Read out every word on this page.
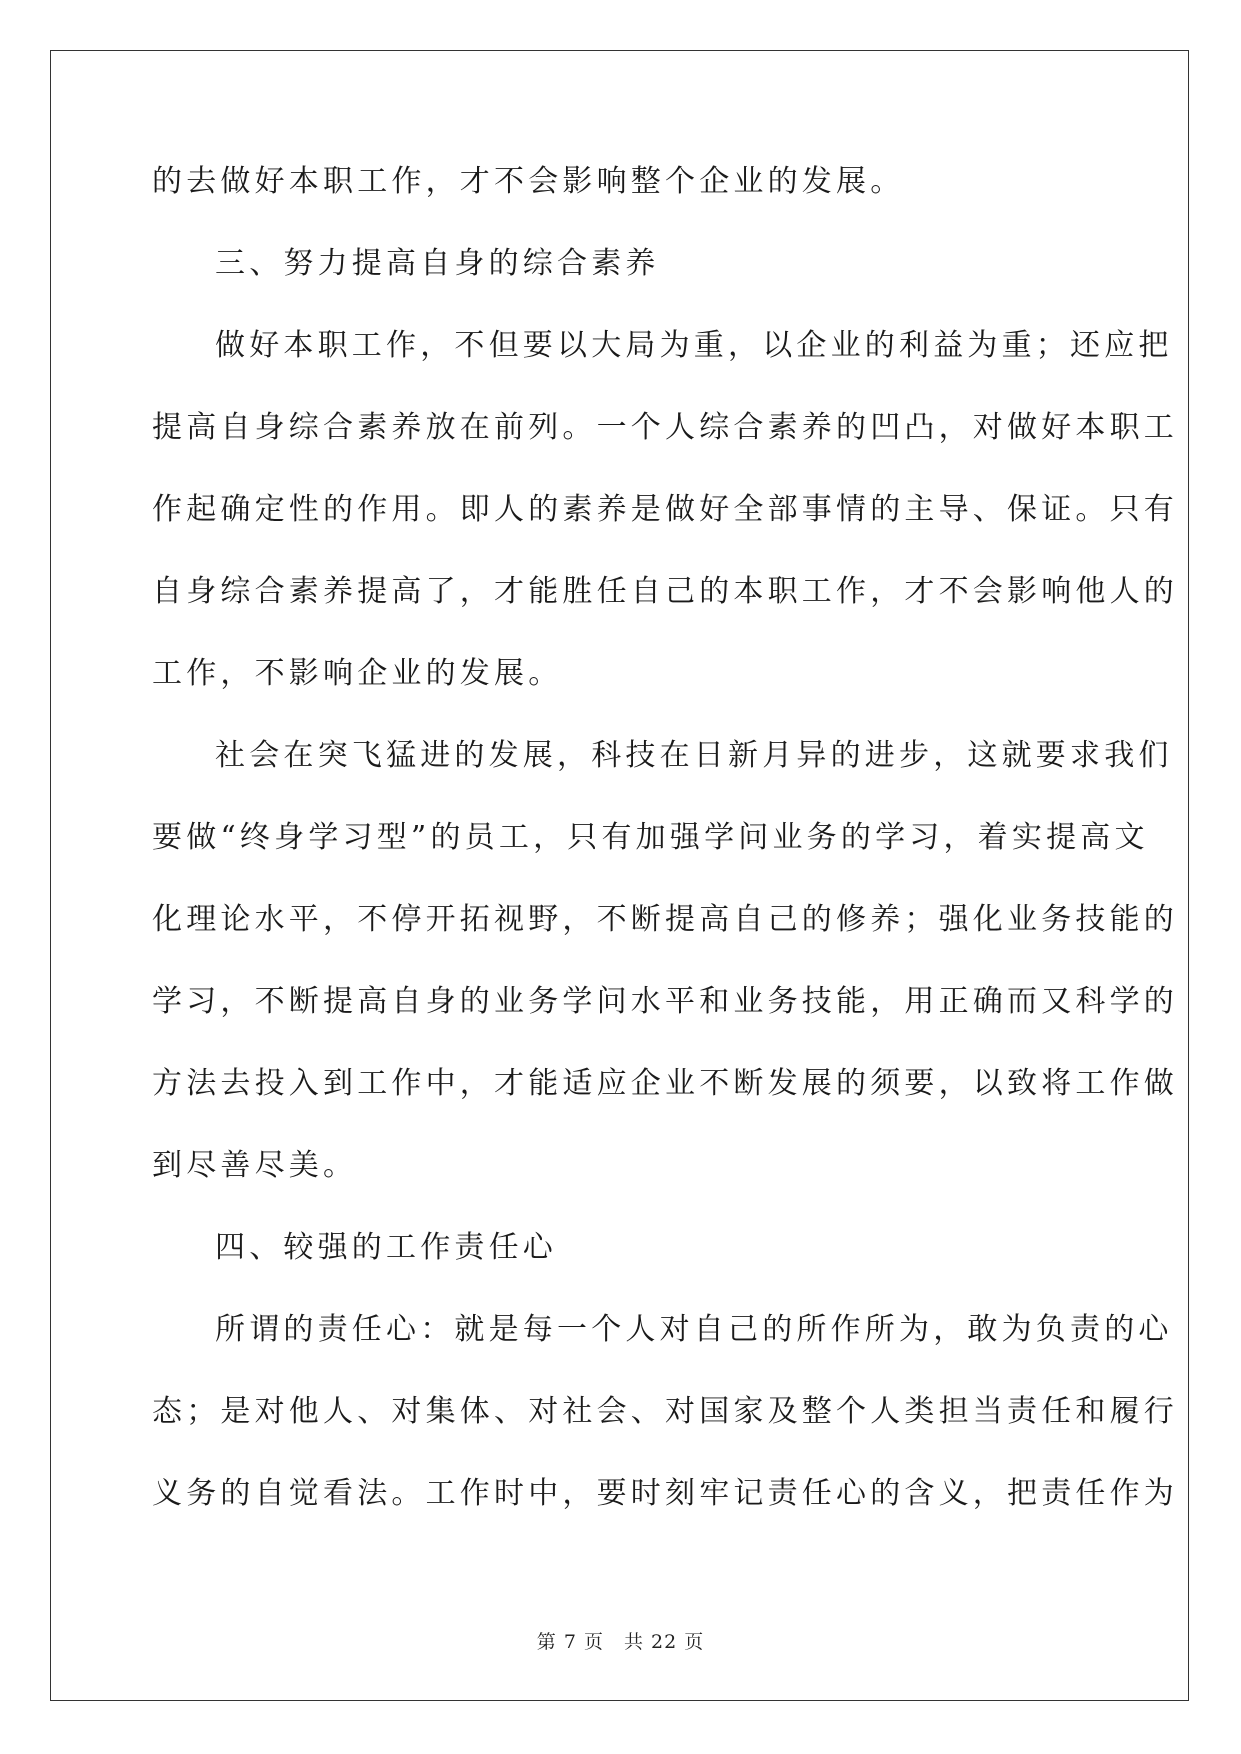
的去做好本职工作，才不会影响整个企业的发展。
三、努力提高自身的综合素养
做好本职工作，不但要以大局为重，以企业的利益为重；还应把
提高自身综合素养放在前列。一个人综合素养的凹凸，对做好本职工
作起确定性的作用。即人的素养是做好全部事情的主导、保证。只有
自身综合素养提高了，才能胜任自己的本职工作，才不会影响他人的
工作，不影响企业的发展。
社会在突飞猛进的发展，科技在日新月异的进步，这就要求我们
要做“终身学习型”的员工，只有加强学问业务的学习，着实提高文
化理论水平，不停开拓视野，不断提高自己的修养；强化业务技能的
学习，不断提高自身的业务学问水平和业务技能，用正确而又科学的
方法去投入到工作中，才能适应企业不断发展的须要，以致将工作做
到尽善尽美。
四、较强的工作责任心
所谓的责任心：就是每一个人对自己的所作所为，敢为负责的心
态；是对他人、对集体、对社会、对国家及整个人类担当责任和履行
义务的自觉看法。工作时中，要时刻牢记责任心的含义，把责任作为
第 7 页　共 22 页
